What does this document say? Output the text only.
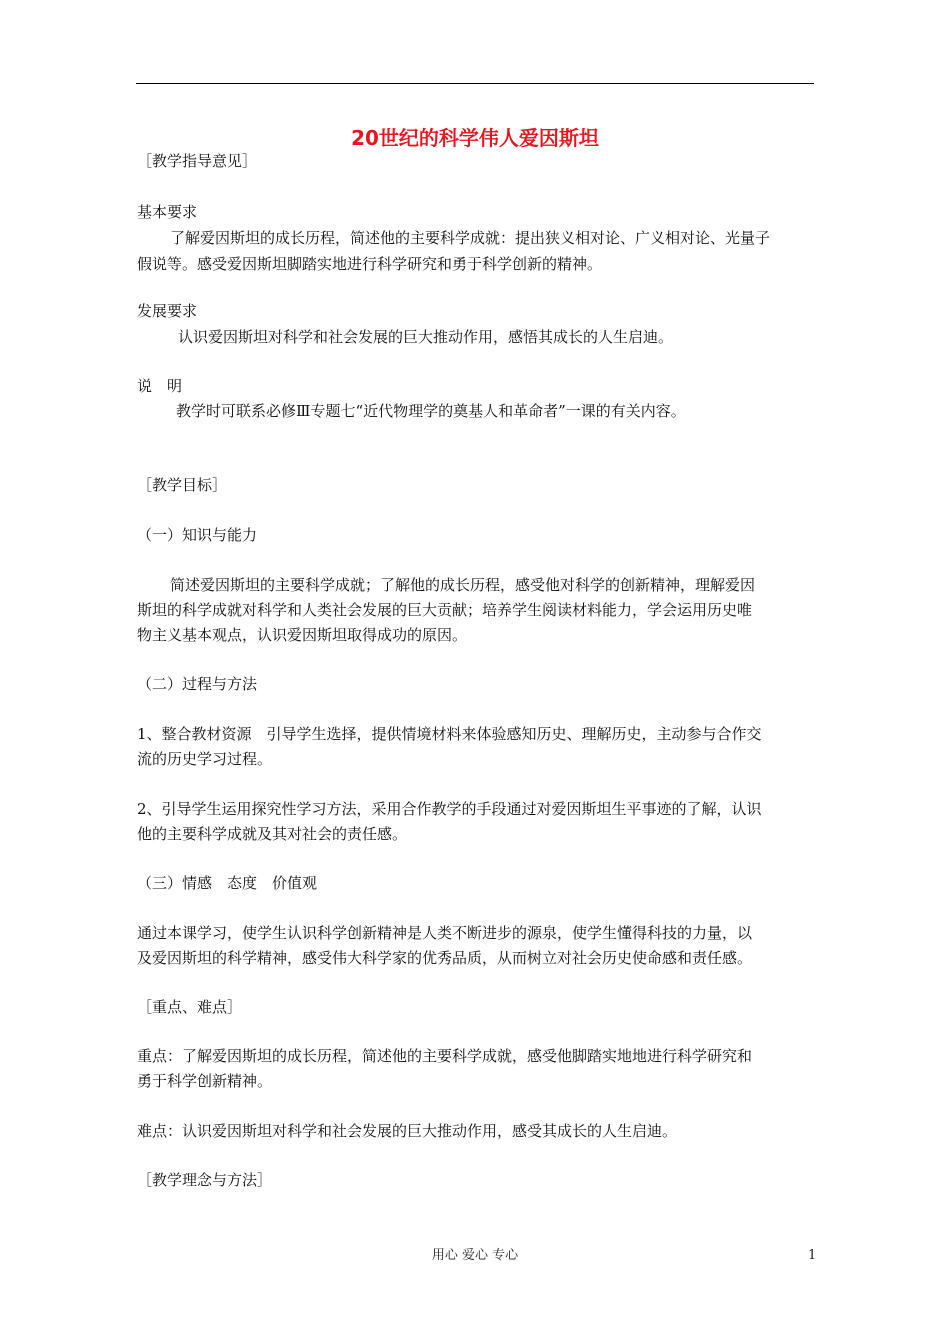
20世纪的科学伟人爱因斯坦
［教学指导意见］
基本要求
了解爱因斯坦的成长历程，简述他的主要科学成就：提出狭义相对论、广义相对论、光量子
假说等。感受爱因斯坦脚踏实地进行科学研究和勇于科学创新的精神。
发展要求
认识爱因斯坦对科学和社会发展的巨大推动作用，感悟其成长的人生启迪。
说　明
教学时可联系必修Ⅲ专题七“近代物理学的奠基人和革命者”一课的有关内容。
［教学目标］
（一）知识与能力
简述爱因斯坦的主要科学成就；了解他的成长历程，感受他对科学的创新精神，理解爱因
斯坦的科学成就对科学和人类社会发展的巨大贡献；培养学生阅读材料能力，学会运用历史唯
物主义基本观点，认识爱因斯坦取得成功的原因。
（二）过程与方法
1、整合教材资源　引导学生选择，提供情境材料来体验感知历史、理解历史，主动参与合作交
流的历史学习过程。
2、引导学生运用探究性学习方法，采用合作教学的手段通过对爱因斯坦生平事迹的了解，认识
他的主要科学成就及其对社会的责任感。
（三）情感　态度　价值观
通过本课学习，使学生认识科学创新精神是人类不断进步的源泉，使学生懂得科技的力量，以
及爱因斯坦的科学精神，感受伟大科学家的优秀品质，从而树立对社会历史使命感和责任感。
［重点、难点］
重点：了解爱因斯坦的成长历程，简述他的主要科学成就，感受他脚踏实地地进行科学研究和
勇于科学创新精神。
难点：认识爱因斯坦对科学和社会发展的巨大推动作用，感受其成长的人生启迪。
［教学理念与方法］
用心 爱心 专心	1
